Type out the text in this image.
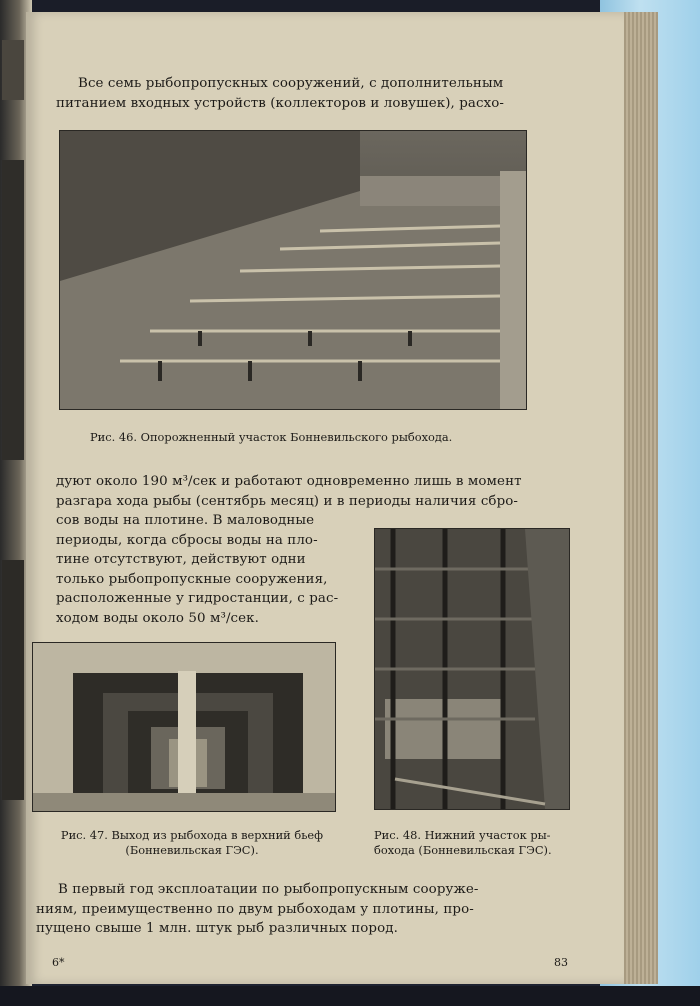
Все семь рыбопропускных сооружений, с дополнительным
питанием входных устройств (коллекторов и ловушек), расхо-
Рис. 46. Опорожненный участок Бонневильского рыбохода.
дуют около 190 м³/сек и работают одновременно лишь в момент
разгара хода рыбы (сентябрь месяц) и в периоды наличия сбро-
сов воды на плотине. В маловодные
периоды, когда сбросы воды на пло-
тине отсутствуют, действуют одни
только рыбопропускные сооружения,
расположенные у гидростанции, с рас-
ходом воды около 50 м³/сек.
Рис. 47. Выход из рыбохода в верхний бьеф
(Бонневильская ГЭС).
Рис. 48. Нижний участок ры-
бохода (Бонневильская ГЭС).
В первый год эксплоатации по рыбопропускным сооруже-
ниям, преимущественно по двум рыбоходам у плотины, про-
пущено свыше 1 млн. штук рыб различных пород.
6*	83
